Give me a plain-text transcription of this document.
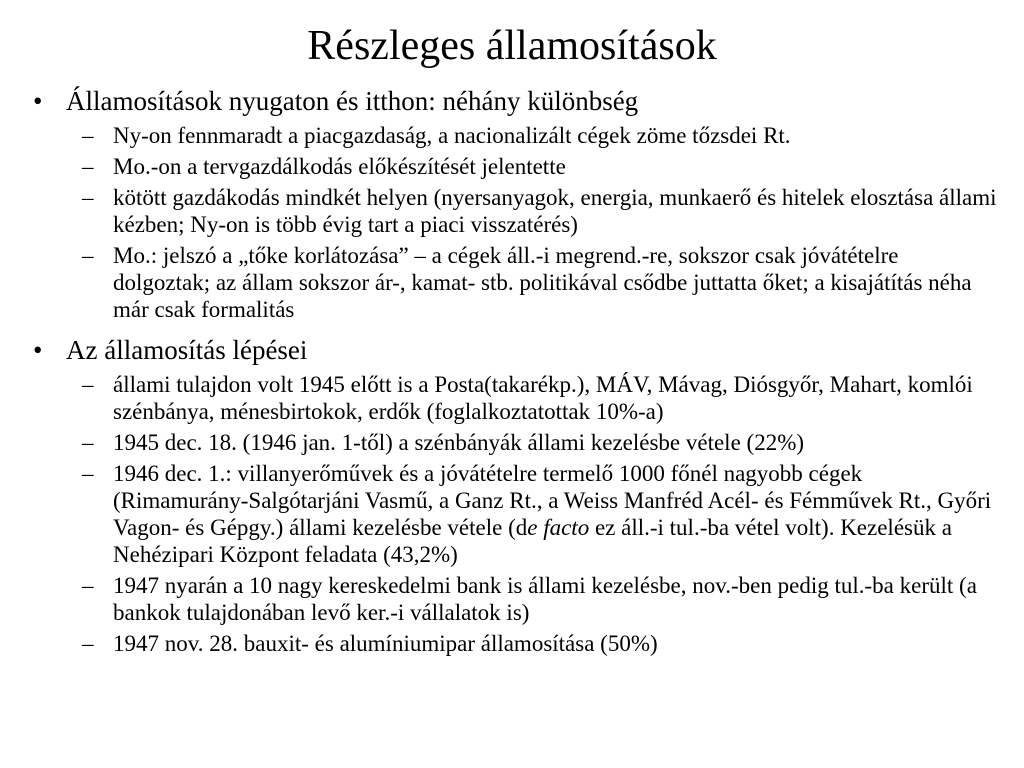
Részleges államosítások
• Államosítások nyugaton és itthon: néhány különbség
– Ny-on fennmaradt a piacgazdaság, a nacionalizált cégek zöme tőzsdei Rt.
– Mo.-on a tervgazdálkodás előkészítését jelentette
– kötött gazdákodás mindkét helyen (nyersanyagok, energia, munkaerő és hitelek elosztása állami kézben; Ny-on is több évig tart a piaci visszatérés)
– Mo.: jelszó a „tőke korlátozása” – a cégek áll.-i megrend.-re, sokszor csak jóvátételre dolgoztak; az állam sokszor ár-, kamat- stb. politikával csődbe juttatta őket; a kisajátítás néha már csak formalitás
• Az államosítás lépései
– állami tulajdon volt 1945 előtt is a Posta(takarékp.), MÁV, Mávag, Diósgyőr, Mahart, komlói szénbánya, ménesbirtokok, erdők (foglalkoztatottak 10%-a)
– 1945 dec. 18. (1946 jan. 1-től) a szénbányák állami kezelésbe vétele (22%)
– 1946 dec. 1.: villanyerőművek és a jóvátételre termelő 1000 főnél nagyobb cégek (Rimamurány-Salgótarjáni Vasmű, a Ganz Rt., a Weiss Manfréd Acél- és Fémművek Rt., Győri Vagon- és Gépgy.) állami kezelésbe vétele (de facto ez áll.-i tul.-ba vétel volt). Kezelésük a Nehézipari Központ feladata (43,2%)
– 1947 nyarán a 10 nagy kereskedelmi bank is állami kezelésbe, nov.-ben pedig tul.-ba került (a bankok tulajdonában levő ker.-i vállalatok is)
– 1947 nov. 28. bauxit- és alumíniumipar államosítása (50%)
